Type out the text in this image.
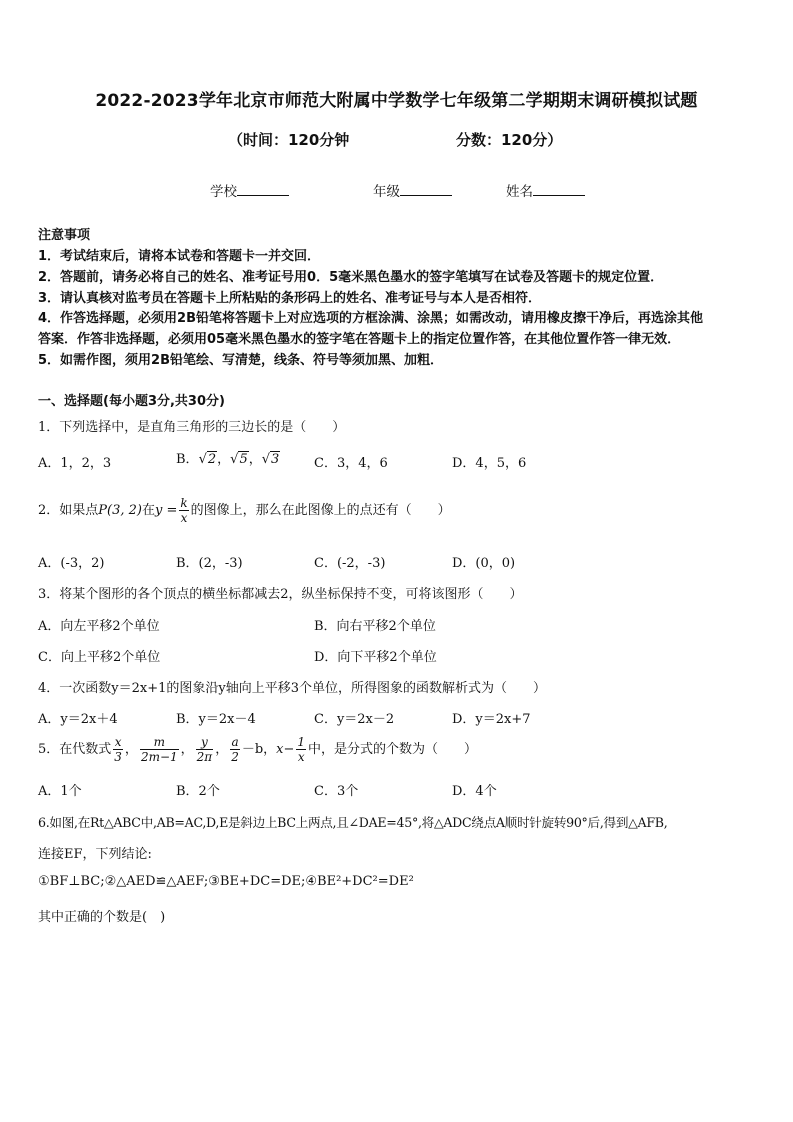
2022-2023学年北京市师范大附属中学数学七年级第二学期期末调研模拟试题
（时间：120分钟	分数：120分）
学校	年级	姓名
注意事项
1．考试结束后，请将本试卷和答题卡一并交回．
2．答题前，请务必将自己的姓名、准考证号用0．5毫米黑色墨水的签字笔填写在试卷及答题卡的规定位置．
3．请认真核对监考员在答题卡上所粘贴的条形码上的姓名、准考证号与本人是否相符．
4．作答选择题，必须用2B铅笔将答题卡上对应选项的方框涂满、涂黑；如需改动，请用橡皮擦干净后，再选涂其他
答案．作答非选择题，必须用05毫米黑色墨水的签字笔在答题卡上的指定位置作答，在其他位置作答一律无效．
5．如需作图，须用2B铅笔绘、写清楚，线条、符号等须加黑、加粗．
一、选择题(每小题3分,共30分)
1．下列选择中，是直角三角形的三边长的是（　　）
A．1，2，3	B．√2，√5，√3	C．3，4，6	D．4，5，6
2．如果点P(3, 2)在$y = \frac{k}{x}$ 的图像上，那么在此图像上的点还有（　　）
A．(-3，2)	B．(2，-3)	C．(-2，-3)	D．(0，0)
3．将某个图形的各个顶点的横坐标都减去2，纵坐标保持不变，可将该图形（　　）
A．向左平移2个单位	B．向右平移2个单位
C．向上平移2个单位	D．向下平移2个单位
4．一次函数y＝2x+1的图象沿y轴向上平移3个单位，所得图象的函数解析式为（　　）
A．y＝2x＋4	B．y＝2x－4	C．y＝2x－2	D．y＝2x+7
5．在代数式 $\frac{x}{3}$ ， $\frac{m}{2m-1}$ ， $\frac{y}{2\pi}$ ， $\frac{a}{2} -b$，$x- \frac{1}{x}$ 中，是分式的个数为（　　）
A．1个	B．2个	C．3个	D．4个
6.如图,在Rt△ABC中,AB=AC,D,E是斜边上BC上两点,且∠DAE=45°,将△ADC绕点A顺时针旋转90°后,得到△AFB,
连接EF，下列结论:
①BF⊥BC;②△AED≌△AEF;③BE+DC=DE;④BE²+DC²=DE²
其中正确的个数是(　)
